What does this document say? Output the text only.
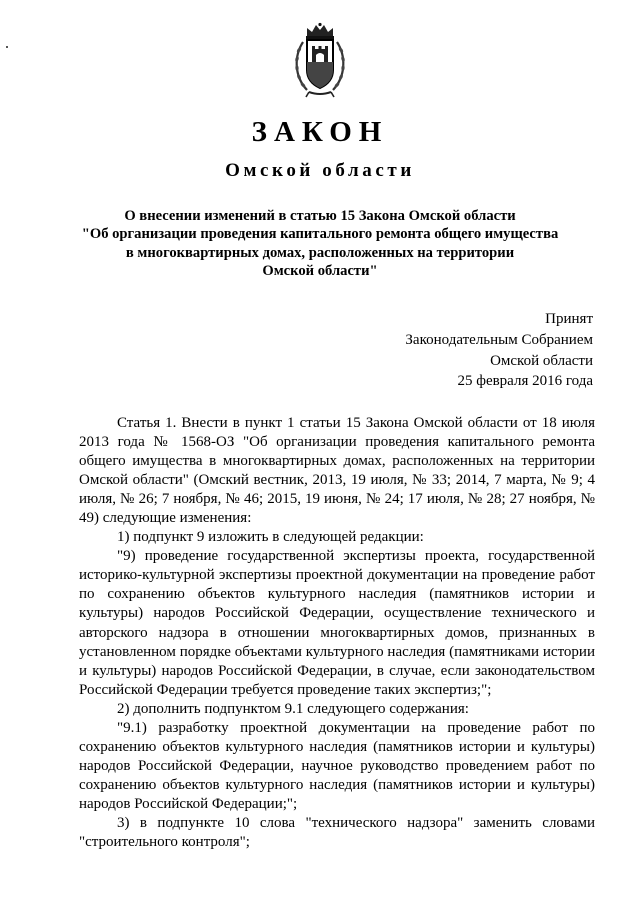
ЗАКОН
Омской области
О внесении изменений в статью 15 Закона Омской области
"Об организации проведения капитального ремонта общего имущества
в многоквартирных домах, расположенных на территории
Омской области"
Принят
Законодательным Собранием
Омской области
25 февраля 2016 года

Статья 1. Внести в пункт 1 статьи 15 Закона Омской области от 18 июля 2013 года № 1568-ОЗ "Об организации проведения капитального ремонта общего имущества в многоквартирных домах, расположенных на территории Омской области" (Омский вестник, 2013, 19 июля, № 33; 2014, 7 марта, № 9; 4 июля, № 26; 7 ноября, № 46; 2015, 19 июня, № 24; 17 июля, № 28; 27 ноября, № 49) следующие изменения:

1) подпункт 9 изложить в следующей редакции:

"9) проведение государственной экспертизы проекта, государственной историко-культурной экспертизы проектной документации на проведение работ по сохранению объектов культурного наследия (памятников истории и культуры) народов Российской Федерации, осуществление технического и авторского надзора в отношении многоквартирных домов, признанных в установленном порядке объектами культурного наследия (памятниками истории и культуры) народов Российской Федерации, в случае, если законодательством Российской Федерации требуется проведение таких экспертиз;";

2) дополнить подпунктом 9.1 следующего содержания:

"9.1) разработку проектной документации на проведение работ по сохранению объектов культурного наследия (памятников истории и культуры) народов Российской Федерации, научное руководство проведением работ по сохранению объектов культурного наследия (памятников истории и культуры) народов Российской Федерации;";

3) в подпункте 10 слова "технического надзора" заменить словами "строительного контроля";
